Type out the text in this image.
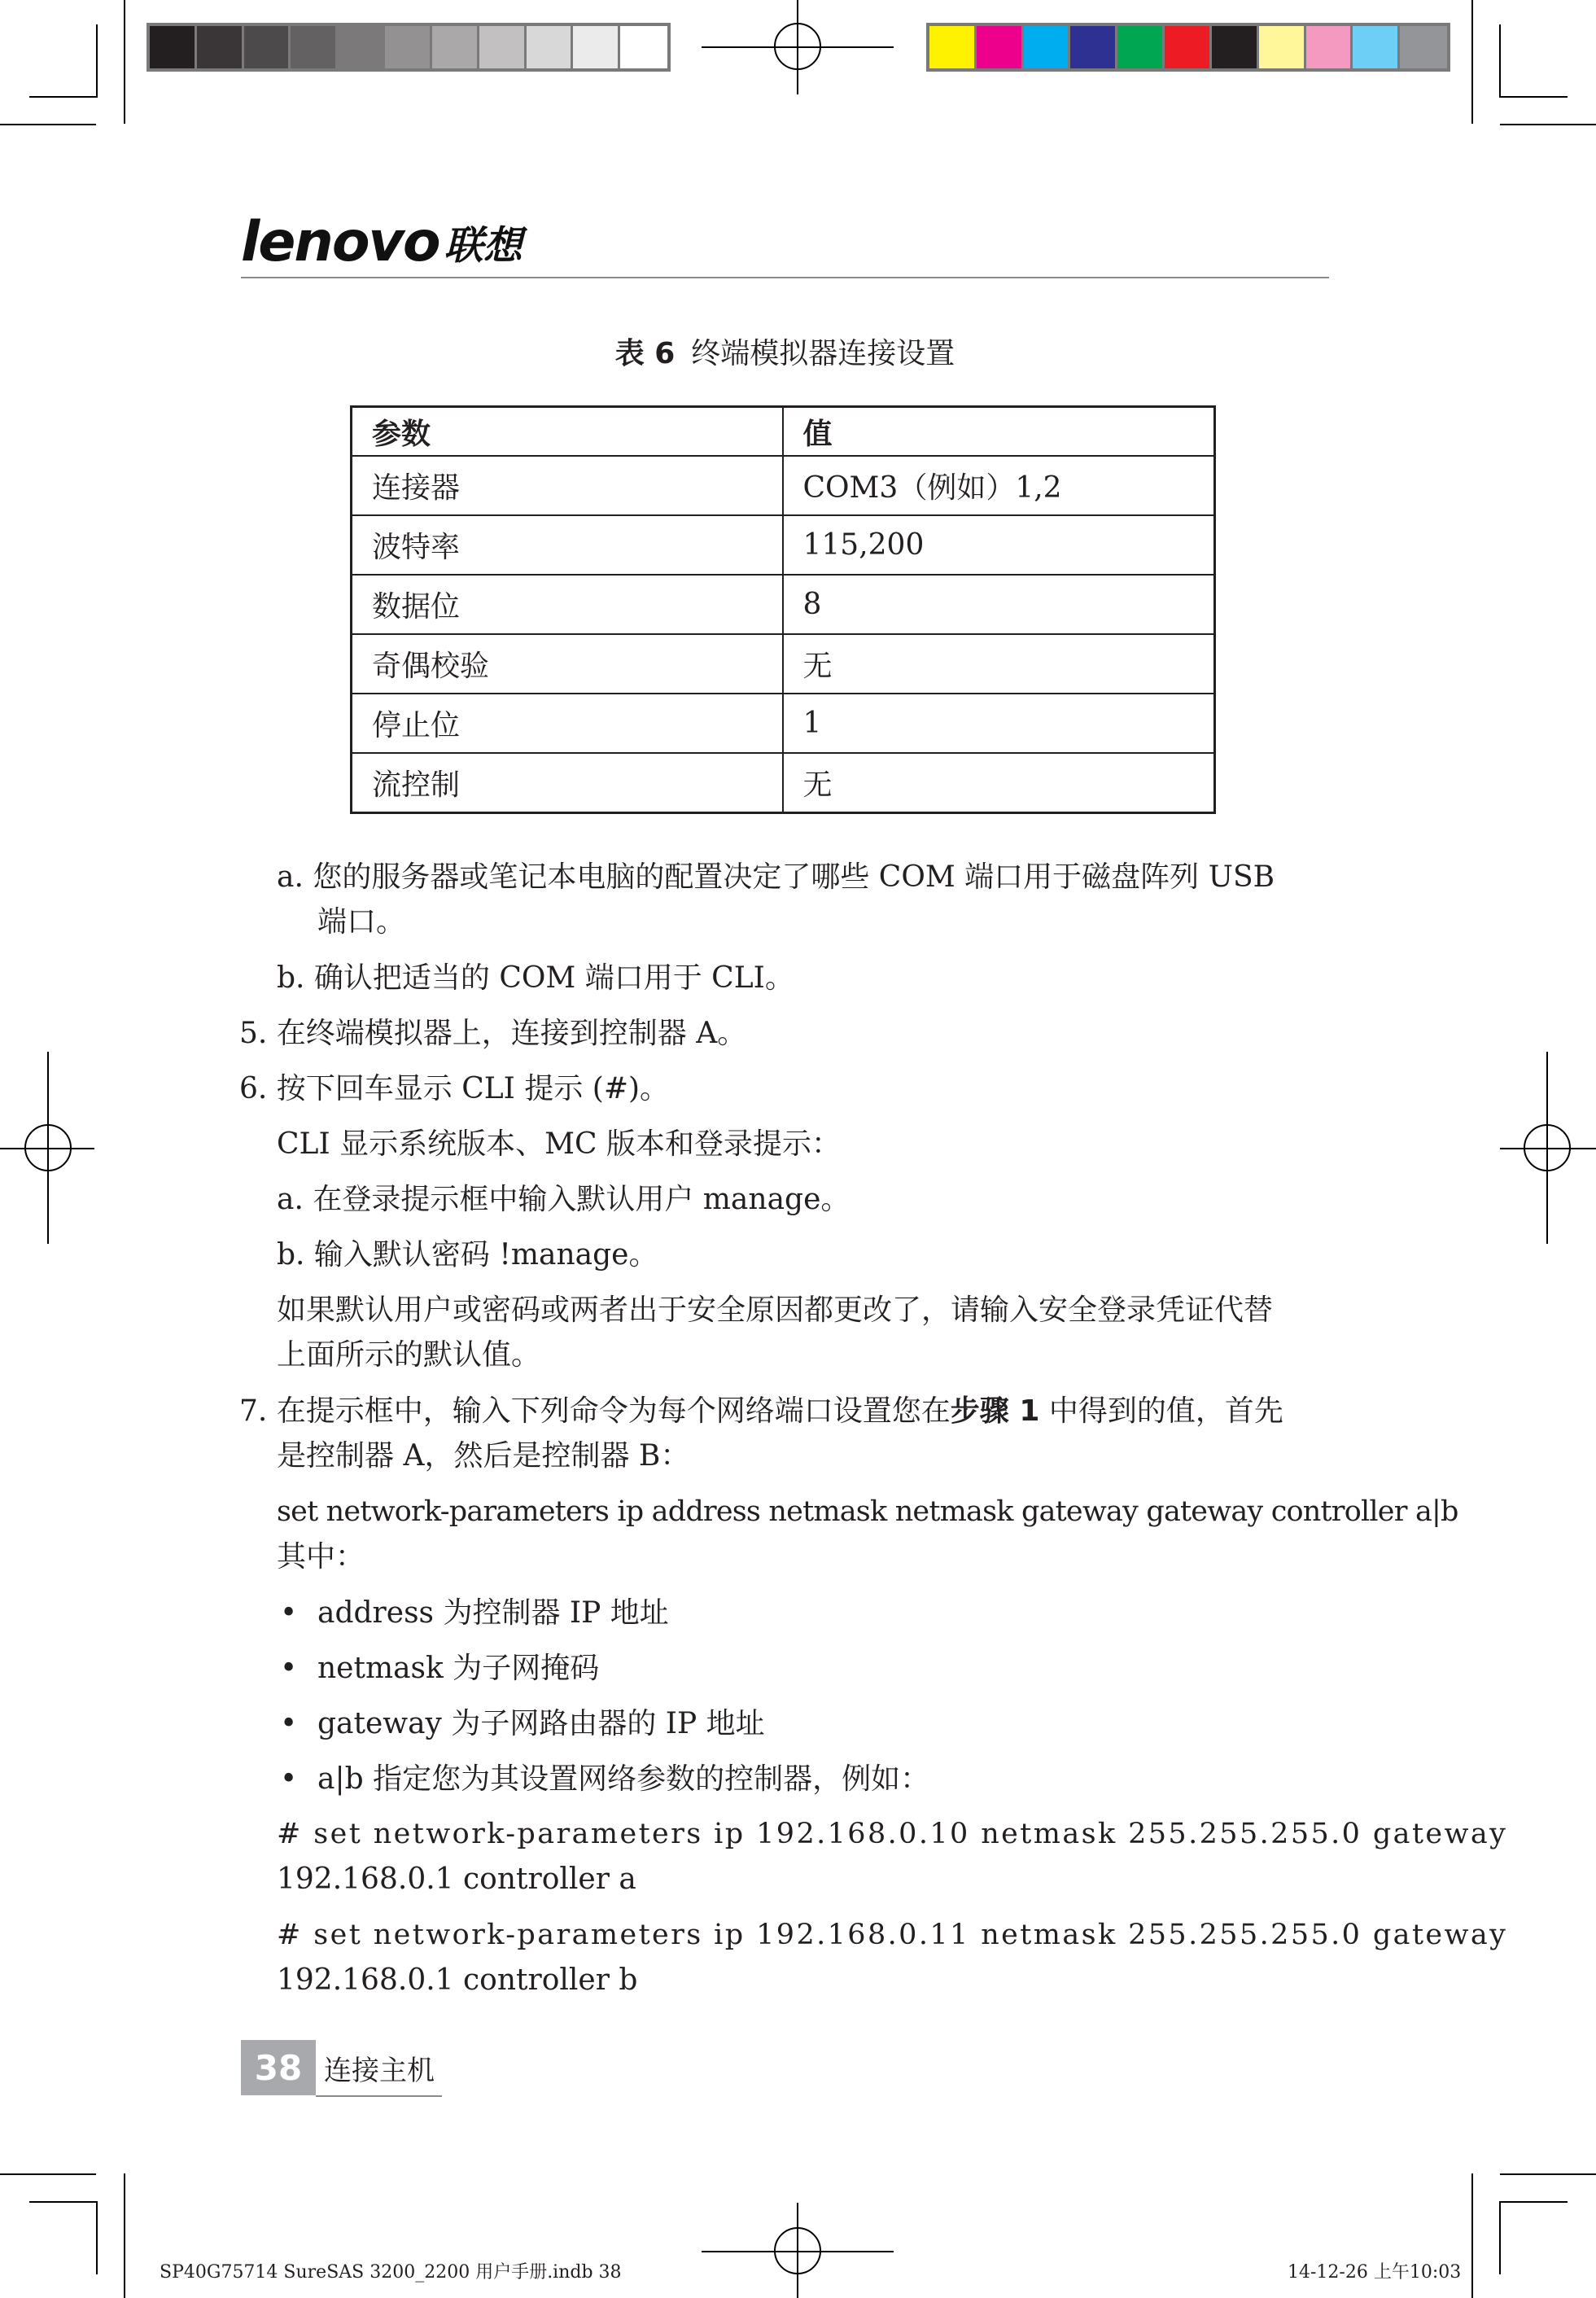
lenovo 联想
表 6 终端模拟器连接设置
参数	值
连接器	COM3（例如）1,2
波特率	115,200
数据位	8
奇偶校验	无
停止位	1
流控制	无
a. 您的服务器或笔记本电脑的配置决定了哪些 COM 端口用于磁盘阵列 USB
端口。
b. 确认把适当的 COM 端口用于 CLI。
5. 在终端模拟器上，连接到控制器 A。
6. 按下回车显示 CLI 提示 (#)。
CLI 显示系统版本、MC 版本和登录提示：
a. 在登录提示框中输入默认用户 manage。
b. 输入默认密码 !manage。
如果默认用户或密码或两者出于安全原因都更改了，请输入安全登录凭证代替
上面所示的默认值。
7. 在提示框中，输入下列命令为每个网络端口设置您在步骤 1 中得到的值，首先
是控制器 A，然后是控制器 B：
set network-parameters ip address netmask netmask gateway gateway controller a|b
其中：
• address 为控制器 IP 地址
• netmask 为子网掩码
• gateway 为子网路由器的 IP 地址
• a|b 指定您为其设置网络参数的控制器，例如：
# set network-parameters ip 192.168.0.10 netmask 255.255.255.0 gateway
192.168.0.1 controller a
# set network-parameters ip 192.168.0.11 netmask 255.255.255.0 gateway
192.168.0.1 controller b
38 连接主机
SP40G75714 SureSAS 3200_2200 用户手册.indb 38	14-12-26 上午10:03
